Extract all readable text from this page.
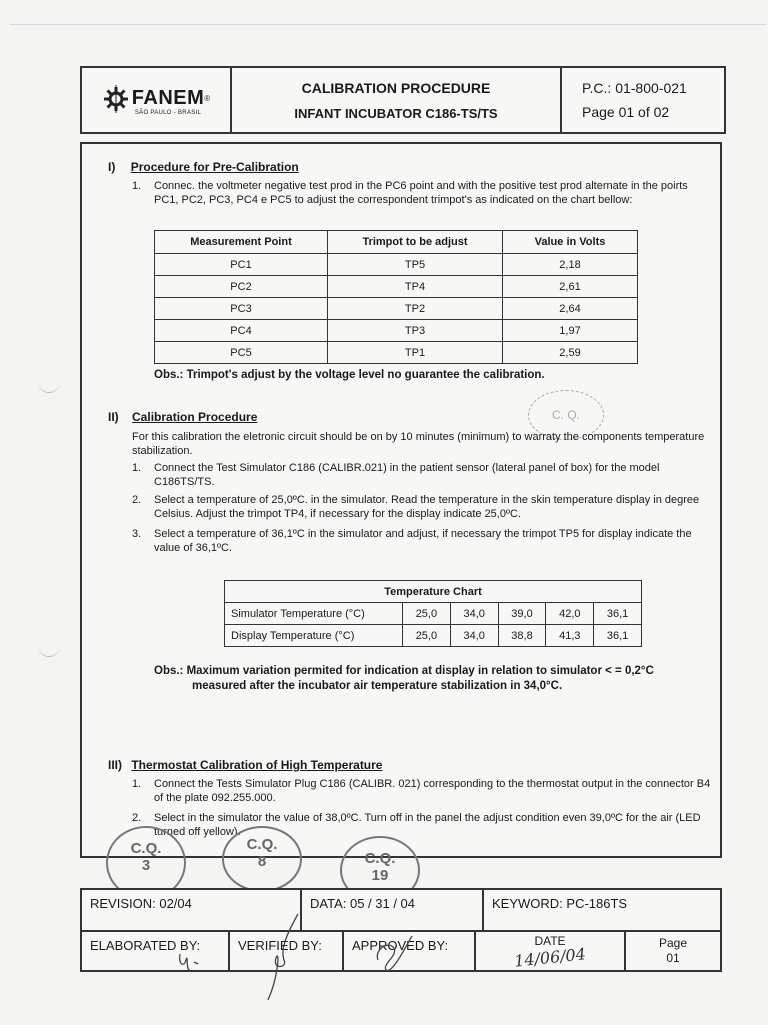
FANEM ®
SÃO PAULO - BRASIL
CALIBRATION PROCEDURE
INFANT INCUBATOR C186-TS/TS
P.C.: 01-800-021
Page 01 of 02
I) Procedure for Pre-Calibration
1. Connec. the voltmeter negative test prod in the PC6 point and with the positive test prod alternate in the poirts PC1, PC2, PC3, PC4 e PC5 to adjust the correspondent trimpot's as indicated on the chart bellow:
Measurement Point	Trimpot to be adjust	Value in Volts
PC1	TP5	2,18
PC2	TP4	2,61
PC3	TP2	2,64
PC4	TP3	1,97
PC5	TP1	2,59
Obs.: Trimpot's adjust by the voltage level no guarantee the calibration.
C. Q.
II) Calibration Procedure
For this calibration the eletronic circuit should be on by 10 minutes (minimum) to warraty the components temperature stabilization.
1. Connect the Test Simulator C186 (CALIBR.021) in the patient sensor (lateral panel of box) for the model C186TS/TS.
2. Select a temperature of 25,0ºC. in the simulator. Read the temperature in the skin temperature display in degree Celsius. Adjust the trimpot TP4, if necessary for the display indicate 25,0ºC.
3. Select a temperature of 36,1ºC in the simulator and adjust, if necessary the trimpot TP5 for display indicate the value of 36,1ºC.
Temperature Chart					
Simulator Temperature (°C)	25,0	34,0	39,0	42,0	36,1
Display Temperature (°C)	25,0	34,0	38,8	41,3	36,1
Obs.: Maximum variation permited for indication at display in relation to simulator < = 0,2°C
measured after the incubator air temperature stabilization in 34,0°C.
III) Thermostat Calibration of High Temperature
1. Connect the Tests Simulator Plug C186 (CALIBR. 021) corresponding to the thermostat output in the connector B4 of the plate 092.255.000.
2. Select in the simulator the value of 38,0ºC. Turn off in the panel the adjust condition even 39,0ºC for the air (LED turned off yellow).
C.Q.
3
C.Q.
8	C.Q.
19
REVISION: 02/04	DATA: 05 / 31 / 04	KEYWORD: PC-186TS
ELABORATED BY:	VERIFIED BY:	APPROVED BY:	DATE
14/06/04
Page
01
